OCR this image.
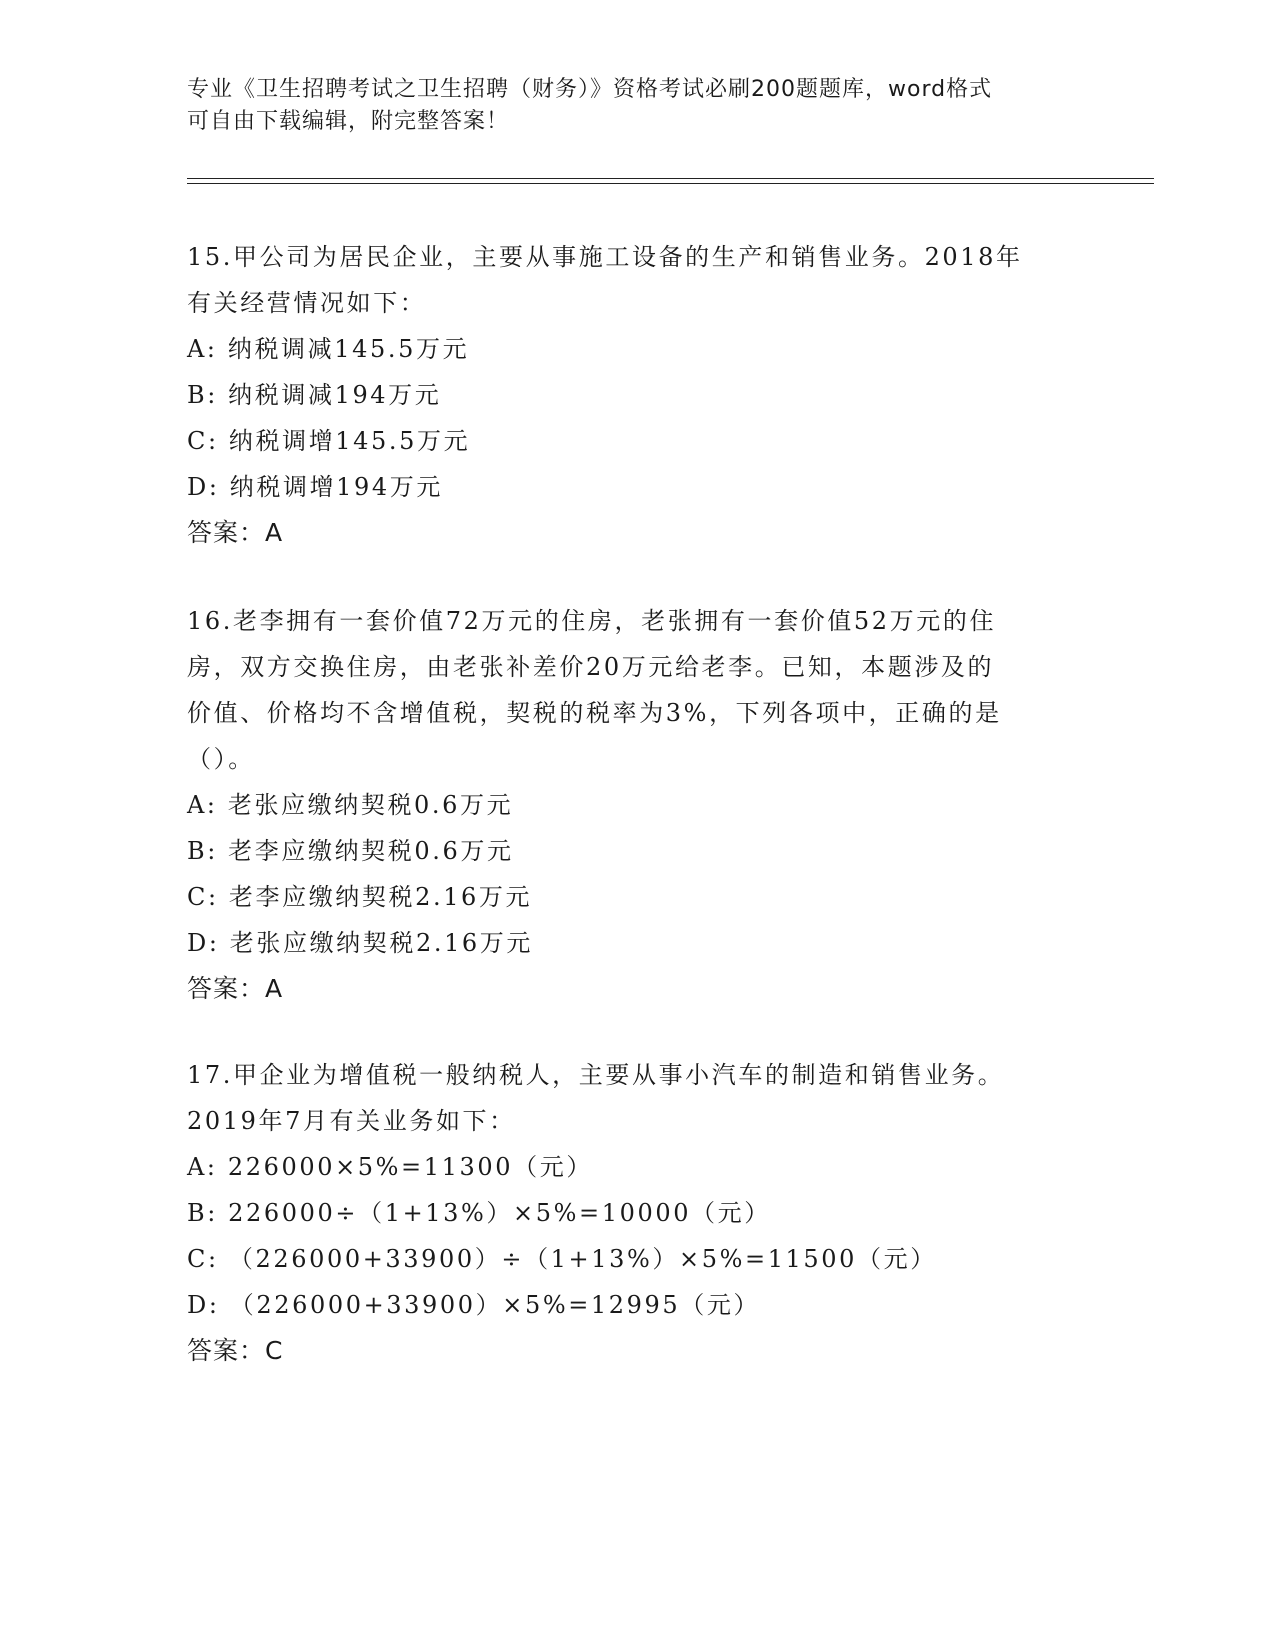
专业《卫生招聘考试之卫生招聘（财务）》资格考试必刷200题题库，word格式
可自由下载编辑，附完整答案！
15.甲公司为居民企业，主要从事施工设备的生产和销售业务。2018年
有关经营情况如下：
A: 纳税调减145.5万元
B: 纳税调减194万元
C: 纳税调增145.5万元
D: 纳税调增194万元
答案：A
16.老李拥有一套价值72万元的住房，老张拥有一套价值52万元的住
房，双方交换住房，由老张补差价20万元给老李。已知，本题涉及的
价值、价格均不含增值税，契税的税率为3%，下列各项中，正确的是
（）。
A: 老张应缴纳契税0.6万元
B: 老李应缴纳契税0.6万元
C: 老李应缴纳契税2.16万元
D: 老张应缴纳契税2.16万元
答案：A
17.甲企业为增值税一般纳税人，主要从事小汽车的制造和销售业务。
2019年7月有关业务如下：
A: 226000×5%=11300（元）
B: 226000÷（1+13%）×5%=10000（元）
C: （226000+33900）÷（1+13%）×5%=11500（元）
D: （226000+33900）×5%=12995（元）
答案：C
